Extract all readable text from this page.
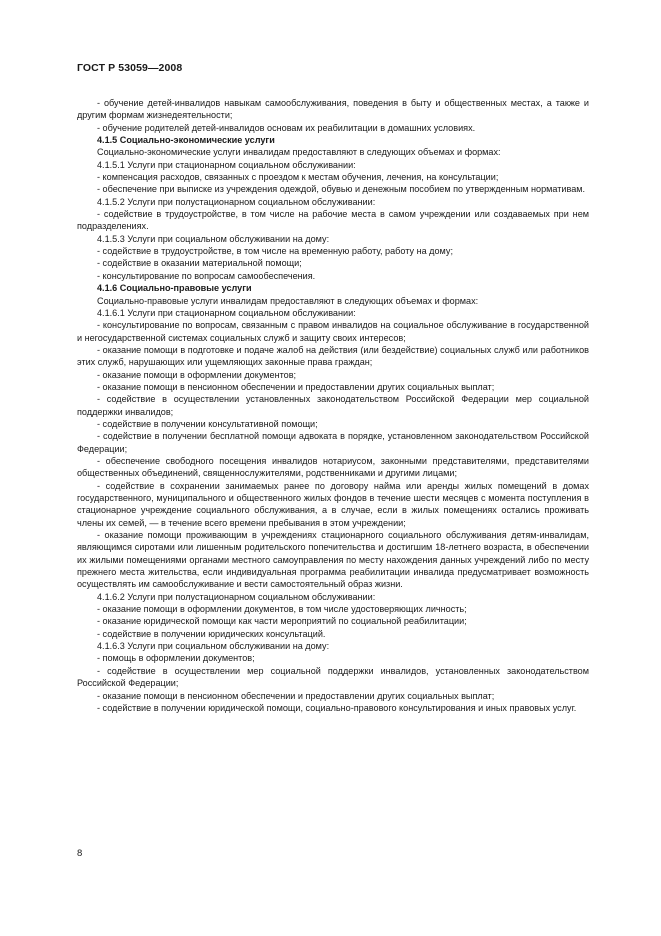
ГОСТ Р 53059—2008

- обучение детей-инвалидов навыкам самообслуживания, поведения в быту и общественных местах, а также и другим формам жизнедеятельности;

- обучение родителей детей-инвалидов основам их реабилитации в домашних условиях.

4.1.5 Социально-экономические услуги

Социально-экономические услуги инвалидам предоставляют в следующих объемах и формах:

4.1.5.1 Услуги при стационарном социальном обслуживании:

- компенсация расходов, связанных с проездом к местам обучения, лечения, на консультации;

- обеспечение при выписке из учреждения одеждой, обувью и денежным пособием по утвержденным нормативам.

4.1.5.2 Услуги при полустационарном социальном обслуживании:

- содействие в трудоустройстве, в том числе на рабочие места в самом учреждении или создаваемых при нем подразделениях.

4.1.5.3 Услуги при социальном обслуживании на дому:

- содействие в трудоустройстве, в том числе на временную работу, работу на дому;

- содействие в оказании материальной помощи;

- консультирование по вопросам самообеспечения.

4.1.6 Социально-правовые услуги

Социально-правовые услуги инвалидам предоставляют в следующих объемах и формах:

4.1.6.1 Услуги при стационарном социальном обслуживании:

- консультирование по вопросам, связанным с правом инвалидов на социальное обслуживание в государственной и негосударственной системах социальных служб и защиту своих интересов;

- оказание помощи в подготовке и подаче жалоб на действия (или бездействие) социальных служб или работников этих служб, нарушающих или ущемляющих законные права граждан;

- оказание помощи в оформлении документов;

- оказание помощи в пенсионном обеспечении и предоставлении других социальных выплат;

- содействие в осуществлении установленных законодательством Российской Федерации мер социальной поддержки инвалидов;

- содействие в получении консультативной помощи;

- содействие в получении бесплатной помощи адвоката в порядке, установленном законодательством Российской Федерации;

- обеспечение свободного посещения инвалидов нотариусом, законными представителями, представителями общественных объединений, священнослужителями, родственниками и другими лицами;

- содействие в сохранении занимаемых ранее по договору найма или аренды жилых помещений в домах государственного, муниципального и общественного жилых фондов в течение шести месяцев с момента поступления в стационарное учреждение социального обслуживания, а в случае, если в жилых помещениях остались проживать члены их семей, — в течение всего времени пребывания в этом учреждении;

- оказание помощи проживающим в учреждениях стационарного социального обслуживания детям-инвалидам, являющимся сиротами или лишенным родительского попечительства и достигшим 18-летнего возраста, в обеспечении их жилыми помещениями органами местного самоуправления по месту нахождения данных учреждений либо по месту прежнего места жительства, если индивидуальная программа реабилитации инвалида предусматривает возможность осуществлять им самообслуживание и вести самостоятельный образ жизни.

4.1.6.2 Услуги при полустационарном социальном обслуживании:

- оказание помощи в оформлении документов, в том числе удостоверяющих личность;

- оказание юридической помощи как части мероприятий по социальной реабилитации;

- содействие в получении юридических консультаций.

4.1.6.3 Услуги при социальном обслуживании на дому:

- помощь в оформлении документов;

- содействие в осуществлении мер социальной поддержки инвалидов, установленных законодательством Российской Федерации;

- оказание помощи в пенсионном обеспечении и предоставлении других социальных выплат;

- содействие в получении юридической помощи, социально-правового консультирования и иных правовых услуг.

8
